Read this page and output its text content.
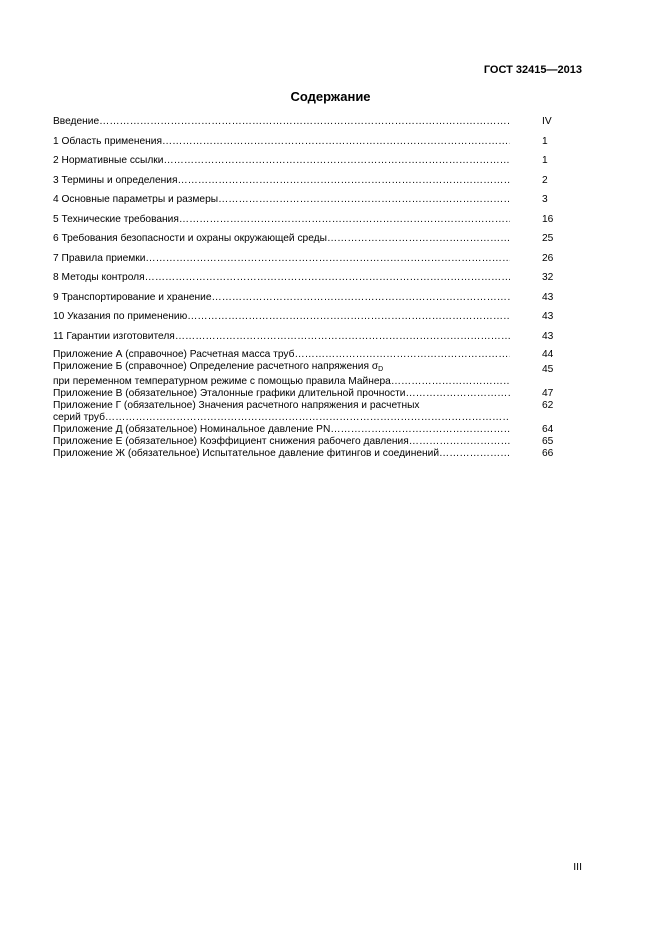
ГОСТ 32415—2013
Содержание
Введение ……………………………………………………………………………………………………………………………………………………………………	IV
1 Область применения ……………………………………………………………………………………………………………………………………………………………………	1
2 Нормативные ссылки ……………………………………………………………………………………………………………………………………………………………………	1
3 Термины и определения ……………………………………………………………………………………………………………………………………………………………………	2
4 Основные параметры и размеры ……………………………………………………………………………………………………………………………………………………………………	3
5 Технические требования ……………………………………………………………………………………………………………………………………………………………………	16
6 Требования безопасности и охраны окружающей среды ……………………………………………………………………………………………………………………………………………………………………	25
7 Правила приемки ……………………………………………………………………………………………………………………………………………………………………	26
8 Методы контроля ……………………………………………………………………………………………………………………………………………………………………	32
9 Транспортирование и хранение ……………………………………………………………………………………………………………………………………………………………………	43
10 Указания по применению ……………………………………………………………………………………………………………………………………………………………………	43
11 Гарантии изготовителя ……………………………………………………………………………………………………………………………………………………………………	43
Приложение А (справочное) Расчетная масса труб ……………………………………………………………………………………………………………………………………………………………………	44
Приложение Б (справочное) Определение расчетного напряжения $\sigma_D$
при переменном температурном режиме с помощью правила Майнера ……………………………………………………………………………………………………………………………………………………………………
45
Приложение В (обязательное) Эталонные графики длительной прочности ……………………………………………………………………………………………………………………………………………………………………	47
Приложение Г (обязательное) Значения расчетного напряжения и расчетных
серий труб ……………………………………………………………………………………………………………………………………………………………………
62
Приложение Д (обязательное) Номинальное давление PN ……………………………………………………………………………………………………………………………………………………………………	64
Приложение Е (обязательное) Коэффициент снижения рабочего давления ……………………………………………………………………………………………………………………………………………………………………	65
Приложение Ж (обязательное) Испытательное давление фитингов и соединений ……………………………………………………………………………………………………………………………………………………………………	66
III
